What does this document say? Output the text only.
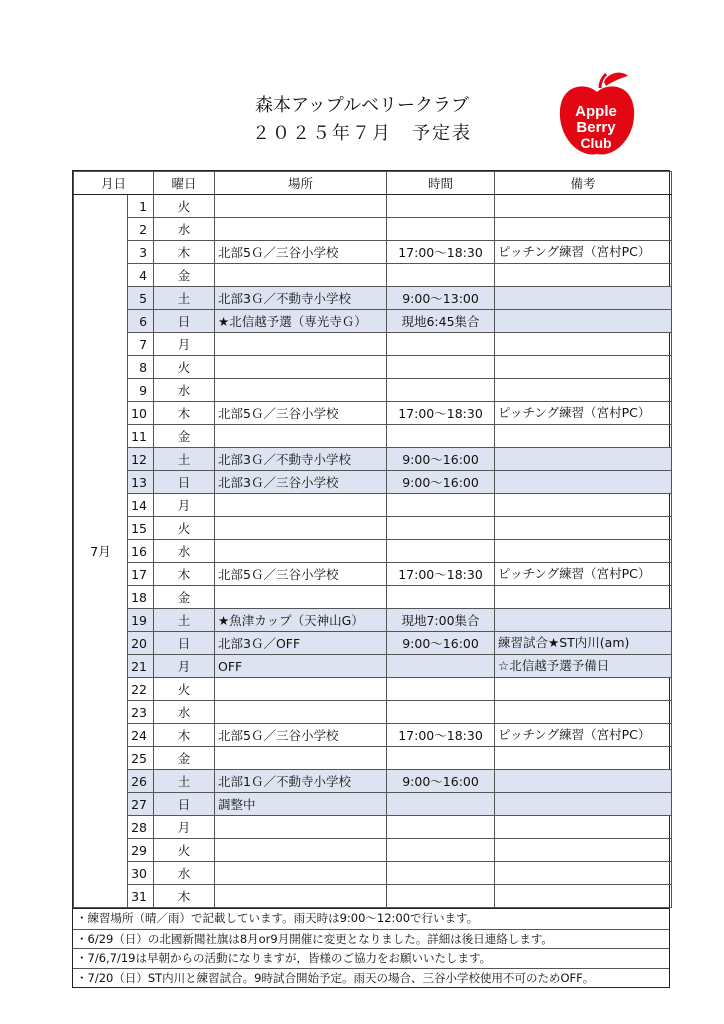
森本アップルベリークラブ
２０２５年７月　予定表
Apple
Berry
Club
morimoto
月日		曜日	場所	時間	備考
7月	1	火			
	2	水			
	3	木	北部5Ｇ／三谷小学校	17:00～18:30	ピッチング練習（宮村PC）
	4	金			
	5	土	北部3Ｇ／不動寺小学校	9:00～13:00	
	6	日	★北信越予選（専光寺Ｇ）	現地6:45集合	
	7	月			
	8	火			
	9	水			
	10	木	北部5Ｇ／三谷小学校	17:00～18:30	ピッチング練習（宮村PC）
	11	金			
	12	土	北部3Ｇ／不動寺小学校	9:00～16:00	
	13	日	北部3Ｇ／三谷小学校	9:00～16:00	
	14	月			
	15	火			
	16	水			
	17	木	北部5Ｇ／三谷小学校	17:00～18:30	ピッチング練習（宮村PC）
	18	金			
	19	土	★魚津カップ（天神山G）	現地7:00集合	
	20	日	北部3Ｇ／OFF	9:00～16:00	練習試合★ST内川(am)
	21	月	OFF		☆北信越予選予備日
	22	火			
	23	水			
	24	木	北部5Ｇ／三谷小学校	17:00～18:30	ピッチング練習（宮村PC）
	25	金			
	26	土	北部1Ｇ／不動寺小学校	9:00～16:00	
	27	日	調整中		
	28	月			
	29	火			
	30	水			
	31	木			
・練習場所（晴／雨）で記載しています。雨天時は9:00～12:00で行います。
・6/29（日）の北國新聞社旗は8月or9月開催に変更となりました。詳細は後日連絡します。
・7/6,7/19は早朝からの活動になりますが，皆様のご協力をお願いいたします。
・7/20（日）ST内川と練習試合。9時試合開始予定。雨天の場合、三谷小学校使用不可のためOFF。
